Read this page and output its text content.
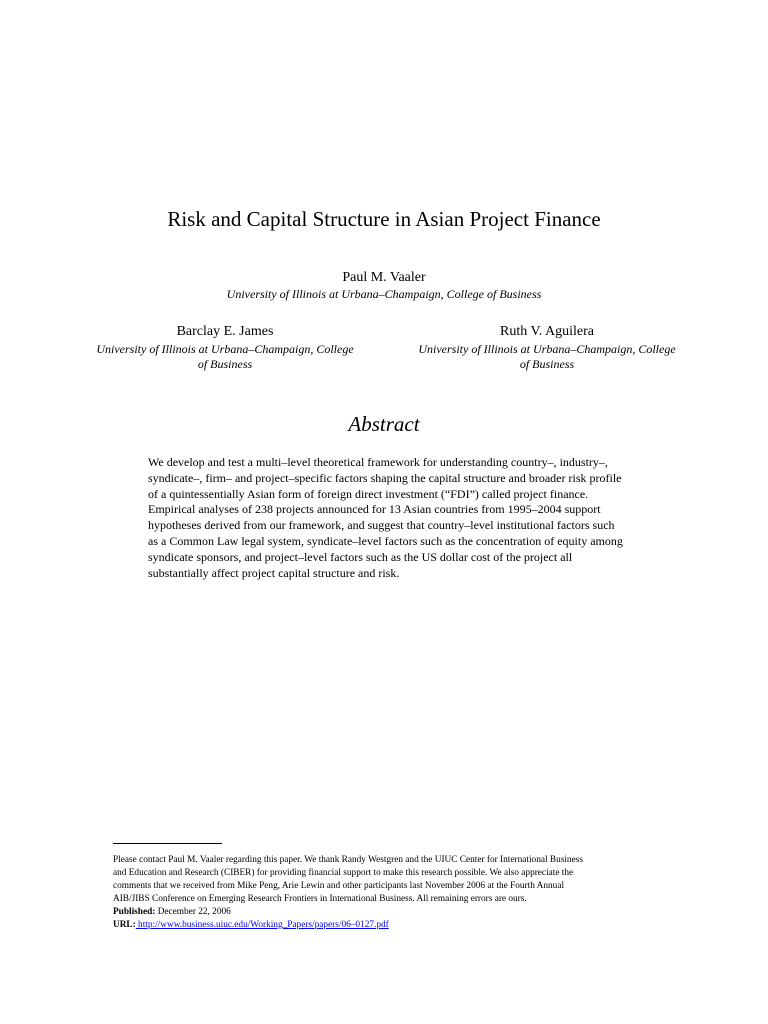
Risk and Capital Structure in Asian Project Finance
Paul M. Vaaler
University of Illinois at Urbana–Champaign, College of Business
Barclay E. James
University of Illinois at Urbana–Champaign, College
of Business
Ruth V. Aguilera
University of Illinois at Urbana–Champaign, College
of Business
Abstract
We develop and test a multi–level theoretical framework for understanding country–, industry–, syndicate–, firm– and project–specific factors shaping the capital structure and broader risk profile of a quintessentially Asian form of foreign direct investment (“FDI”) called project finance. Empirical analyses of 238 projects announced for 13 Asian countries from 1995–2004 support hypotheses derived from our framework, and suggest that country–level institutional factors such as a Common Law legal system, syndicate–level factors such as the concentration of equity among syndicate sponsors, and project–level factors such as the US dollar cost of the project all substantially affect project capital structure and risk.
Please contact Paul M. Vaaler regarding this paper. We thank Randy Westgren and the UIUC Center for International Business
and Education and Research (CIBER) for providing financial support to make this research possible. We also appreciate the
comments that we received from Mike Peng, Arie Lewin and other participants last November 2006 at the Fourth Annual
AIB/JIBS Conference on Emerging Research Frontiers in International Business. All remaining errors are ours.
Published: December 22, 2006
URL: http://www.business.uiuc.edu/Working_Papers/papers/06–0127.pdf
